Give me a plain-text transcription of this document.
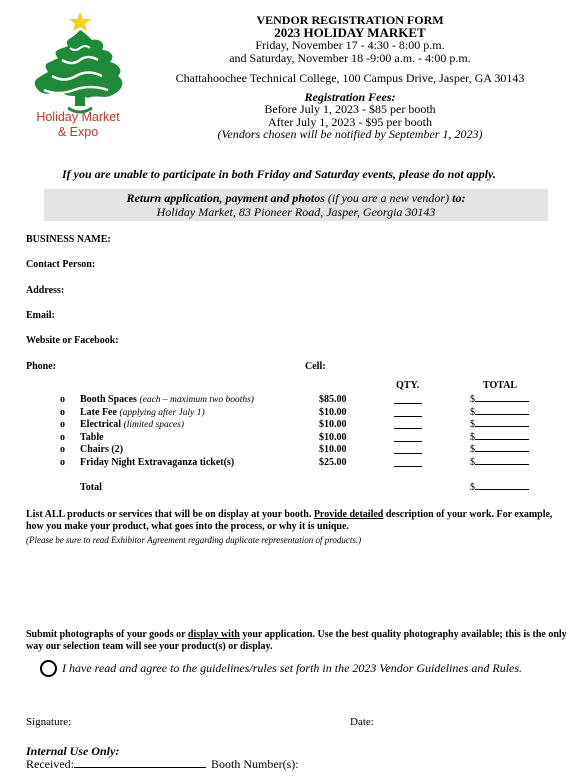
Holiday Market
& Expo
VENDOR REGISTRATION FORM
2023 HOLIDAY MARKET
Friday, November 17 - 4:30 - 8:00 p.m.
and Saturday, November 18 -9:00 a.m. - 4:00 p.m.
Chattahoochee Technical College, 100 Campus Drive, Jasper, GA 30143
Registration Fees:
Before July 1, 2023 - $85 per booth
After July 1, 2023 - $95 per booth
(Vendors chosen will be notified by September 1, 2023)
If you are unable to participate in both Friday and Saturday events, please do not apply.
Return application, payment and photos (if you are a new vendor) to:
Holiday Market, 83 Pioneer Road, Jasper, Georgia 30143
BUSINESS NAME:
Contact Person:
Address:
Email:
Website or Facebook:
Phone:	Cell:
QTY.	TOTAL
o Booth Spaces (each – maximum two booths)	$85.00	$
o Late Fee (applying after July 1)	$10.00	$
o Electrical (limited spaces)	$10.00	$
o Table	$10.00	$
o Chairs (2)	$10.00	$
o Friday Night Extravaganza ticket(s)	$25.00	$
Total	$
List ALL products or services that will be on display at your booth. Provide detailed description of your work. For example, how you make your product, what goes into the process, or why it is unique.
(Please be sure to read Exhibitor Agreement regarding duplicate representation of products.)
Submit photographs of your goods or display with your application. Use the best quality photography available; this is the only way our selection team will see your product(s) or display.
I have read and agree to the guidelines/rules set forth in the 2023 Vendor Guidelines and Rules.
Signature:	Date:
Internal Use Only:
Received:	Booth Number(s):
